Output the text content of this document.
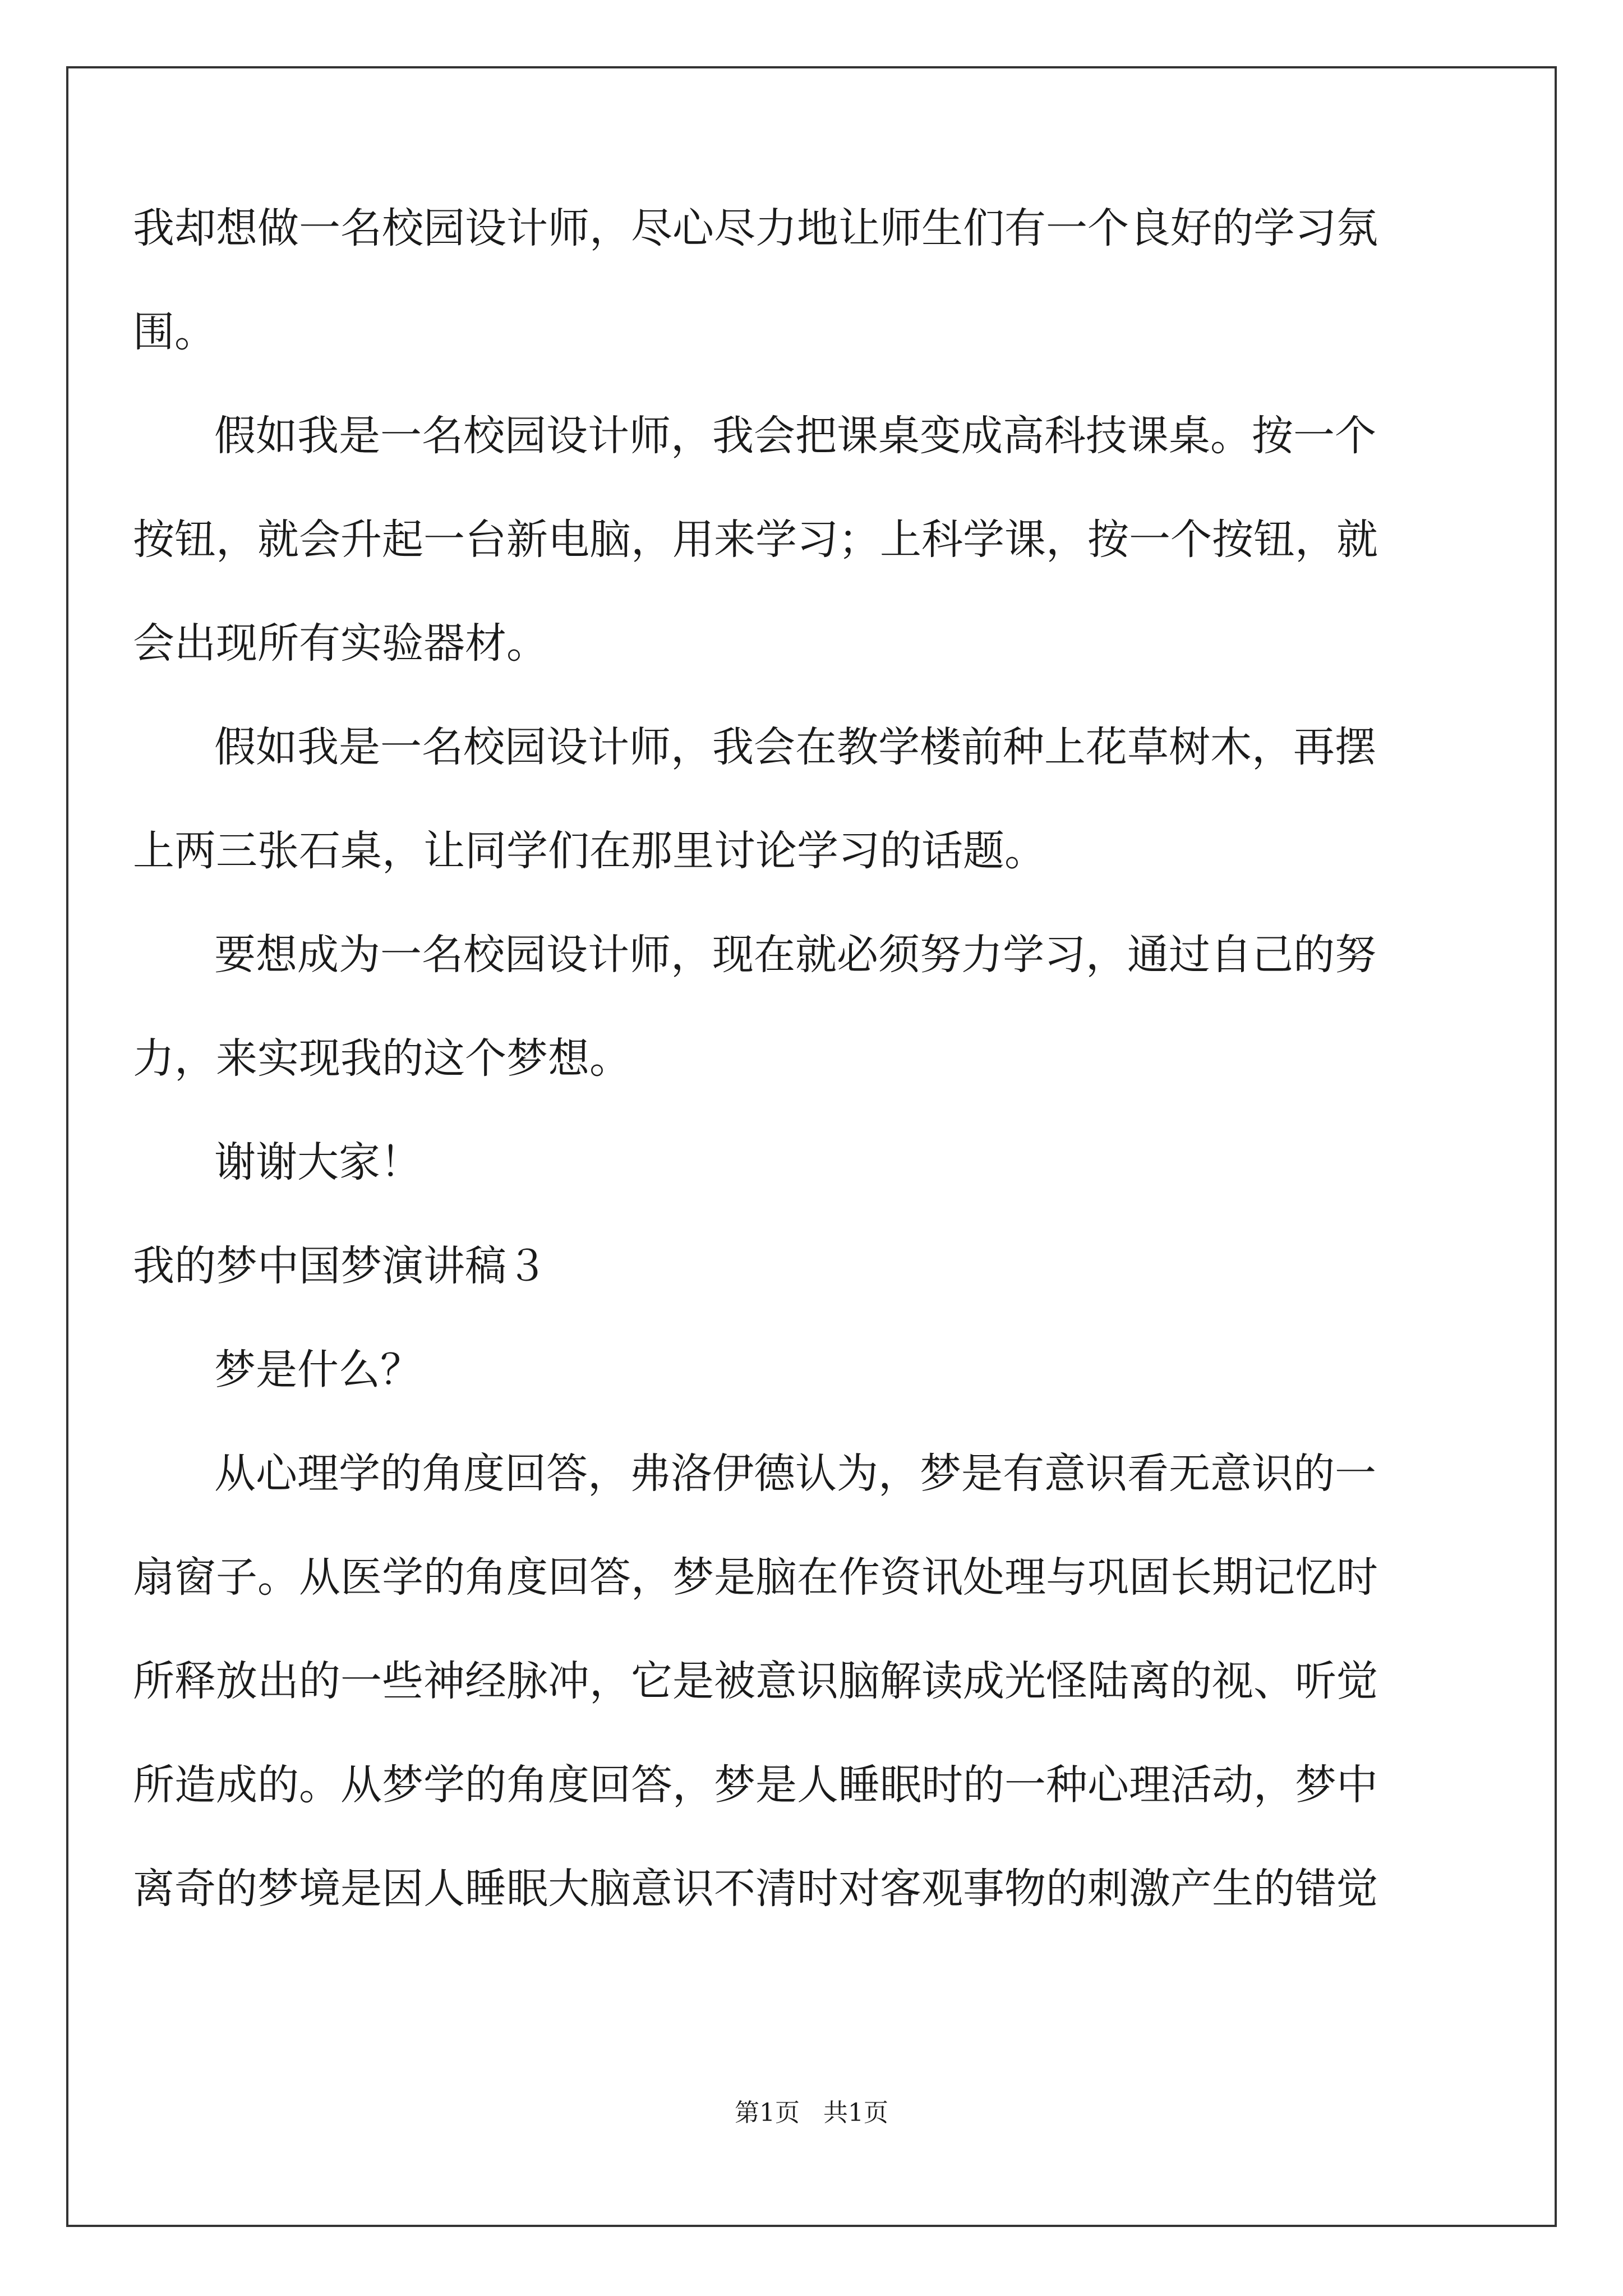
我却想做一名校园设计师，尽心尽力地让师生们有一个良好的学习氛
围。
假如我是一名校园设计师，我会把课桌变成高科技课桌。按一个
按钮，就会升起一台新电脑，用来学习；上科学课，按一个按钮，就
会出现所有实验器材。
假如我是一名校园设计师，我会在教学楼前种上花草树木，再摆
上两三张石桌，让同学们在那里讨论学习的话题。
要想成为一名校园设计师，现在就必须努力学习，通过自己的努
力，来实现我的这个梦想。
谢谢大家！
我的梦中国梦演讲稿３
梦是什么？
从心理学的角度回答，弗洛伊德认为，梦是有意识看无意识的一
扇窗子。从医学的角度回答，梦是脑在作资讯处理与巩固长期记忆时
所释放出的一些神经脉冲，它是被意识脑解读成光怪陆离的视、听觉
所造成的。从梦学的角度回答，梦是人睡眠时的一种心理活动，梦中
离奇的梦境是因人睡眠大脑意识不清时对客观事物的刺激产生的错觉
第1页   共1页
